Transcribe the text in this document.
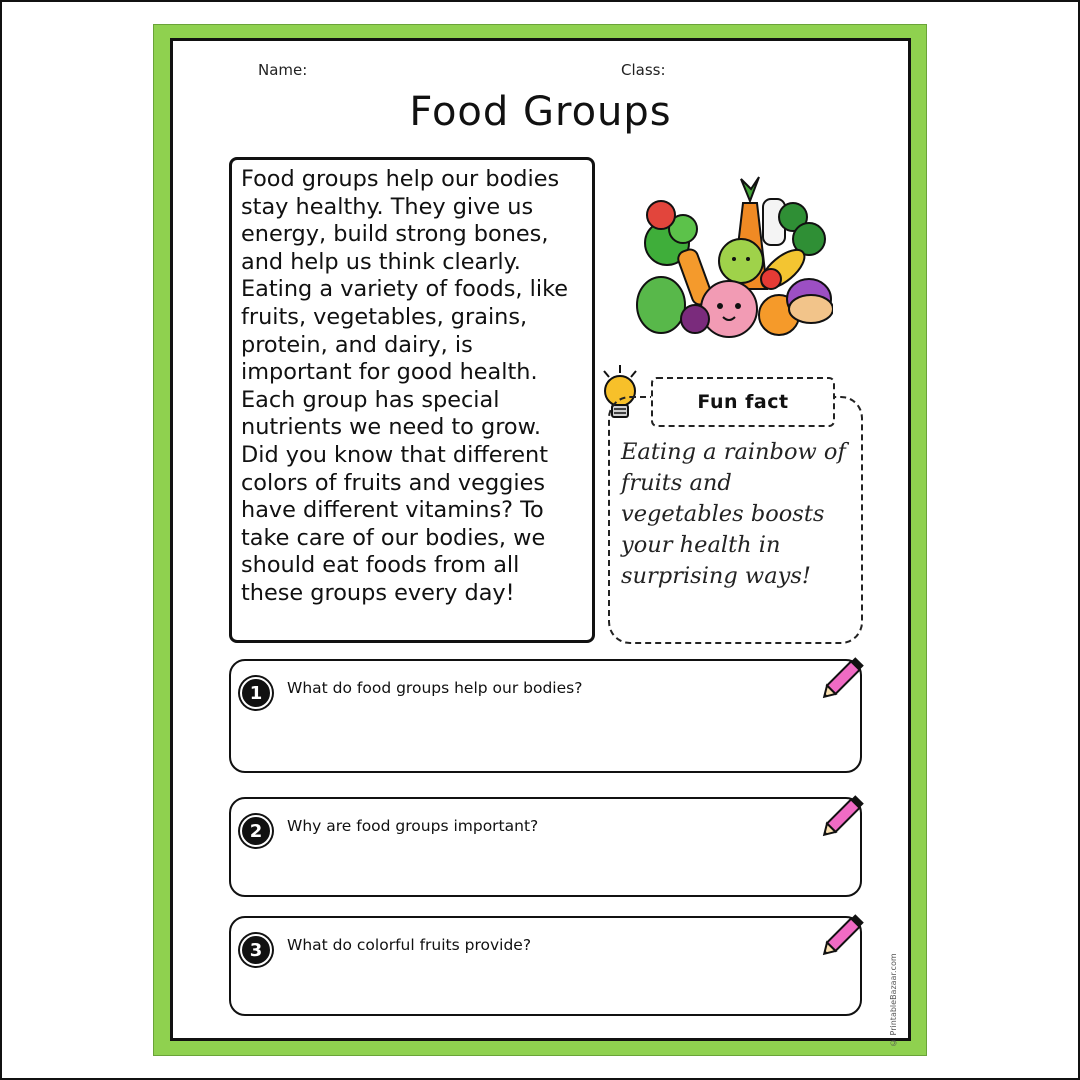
Name:	Class:
Food Groups
Food groups help our bodies stay healthy. They give us energy, build strong bones, and help us think clearly. Eating a variety of foods, like fruits, vegetables, grains, protein, and dairy, is important for good health. Each group has special nutrients we need to grow. Did you know that different colors of fruits and veggies have different vitamins? To take care of our bodies, we should eat foods from all these groups every day!
Fun fact
Eating a rainbow of fruits and vegetables boosts your health in surprising ways!
1	What do food groups help our bodies?
2	Why are food groups important?
3	What do colorful fruits provide?
© PrintableBazaar.com
